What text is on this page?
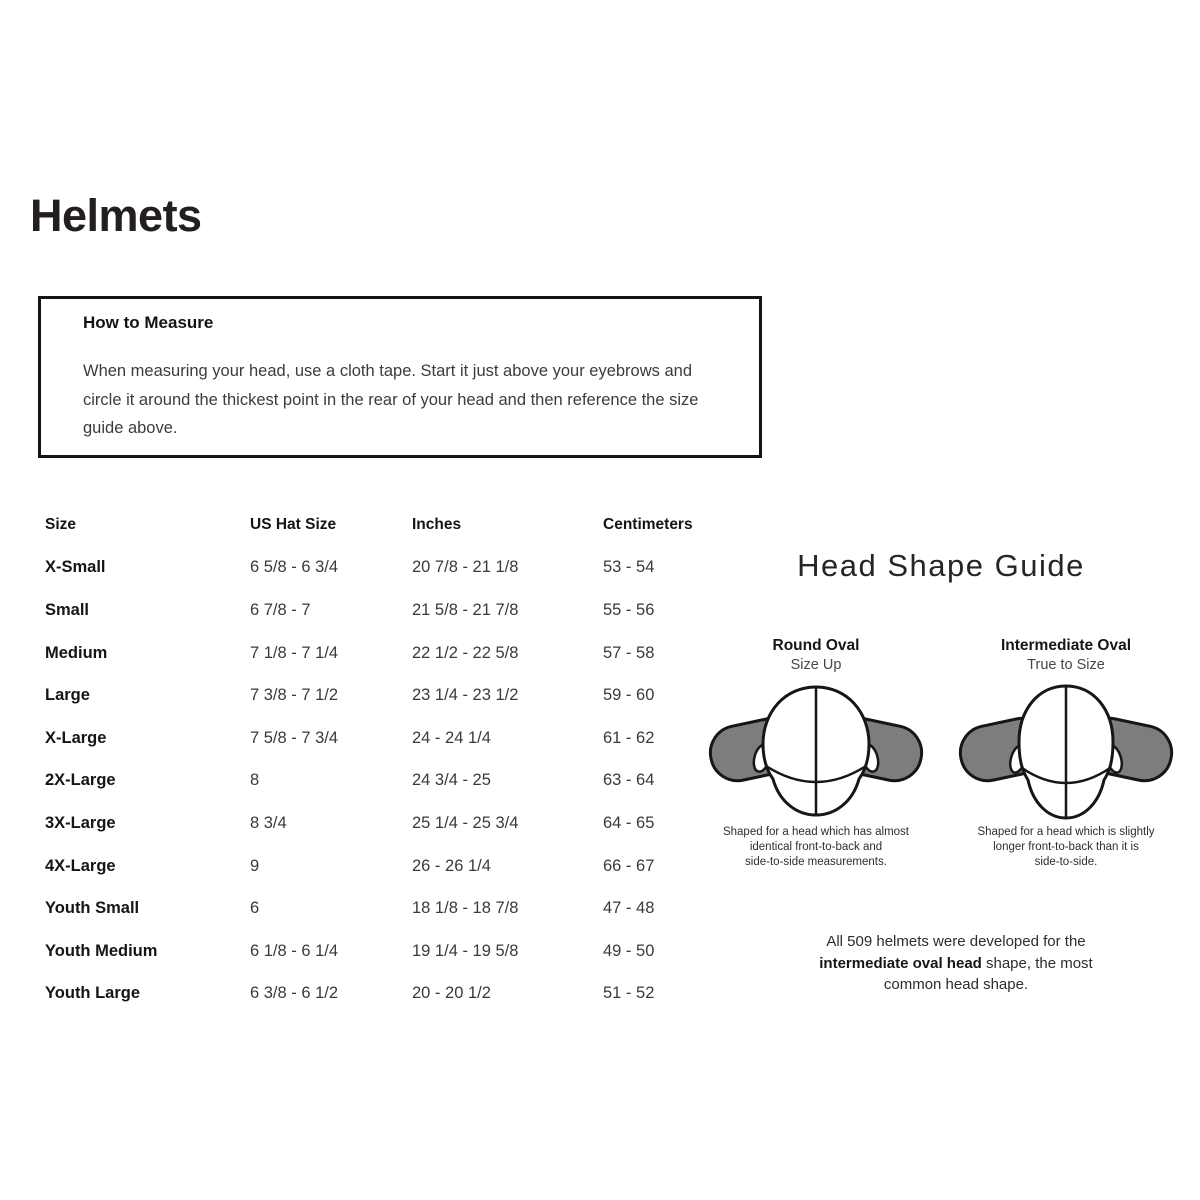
Helmets
How to Measure

When measuring your head, use a cloth tape. Start it just above your eyebrows and circle it around the thickest point in the rear of your head and then reference the size guide above.

Size	US Hat Size	Inches	Centimeters
X-Small	6 5/8 - 6 3/4	20 7/8 - 21 1/8	53 - 54
Small	6 7/8 - 7	21 5/8 - 21 7/8	55 - 56
Medium	7 1/8 - 7 1/4	22 1/2 - 22 5/8	57 - 58
Large	7 3/8 - 7 1/2	23 1/4 - 23 1/2	59 - 60
X-Large	7 5/8 - 7 3/4	24 - 24 1/4	61 - 62
2X-Large	8	24 3/4 - 25	63 - 64
3X-Large	8 3/4	25 1/4 - 25 3/4	64 - 65
4X-Large	9	26 - 26 1/4	66 - 67
Youth Small	6	18 1/8 - 18 7/8	47 - 48
Youth Medium	6 1/8 - 6 1/4	19 1/4 - 19 5/8	49 - 50
Youth Large	6 3/8 - 6 1/2	20 - 20 1/2	51 - 52
Head Shape Guide
Round Oval
Size Up
Intermediate Oval
True to Size
Shaped for a head which has almost
identical front-to-back and
side-to-side measurements.
Shaped for a head which is slightly
longer front-to-back than it is
side-to-side.
All 509 helmets were developed for the
intermediate oval head shape, the most
common head shape.
